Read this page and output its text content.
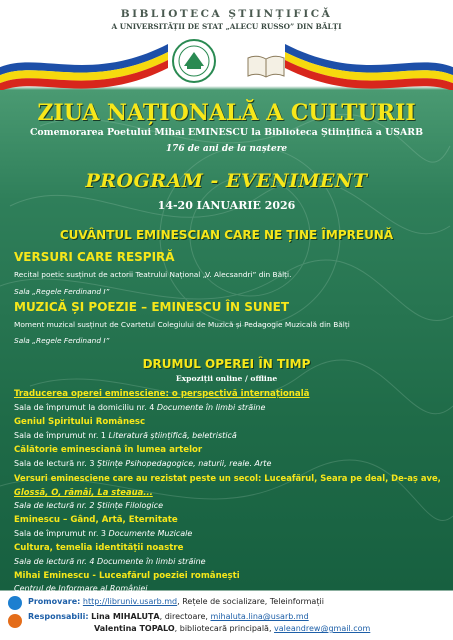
BIBLIOTECA ȘTIINȚIFICĂ
A UNIVERSITĂȚII DE STAT „ALECU RUSSO” DIN BĂLȚI
ZIUA NAȚIONALĂ A CULTURII
Comemorarea Poetului Mihai EMINESCU la Biblioteca Științifică a USARB
176 de ani de la naștere
PROGRAM - EVENIMENT
14-20 IANUARIE 2026
CUVÂNTUL EMINESCIAN CARE NE ȚINE ÎMPREUNĂ
VERSURI CARE RESPIRĂ
Recital poetic susținut de actorii Teatrului Național „V. Alecsandri” din Bălți.
Sala „Regele Ferdinand I”
MUZICĂ ȘI POEZIE – EMINESCU ÎN SUNET
Moment muzical susținut de Cvartetul Colegiului de Muzică și Pedagogie Muzicală din Bălți
Sala „Regele Ferdinand I”
DRUMUL OPEREI ÎN TIMP
Expoziții online / offline
Traducerea operei eminesciene: o perspectivă internațională
Sala de împrumut la domiciliu nr. 4 Documente în limbi străine
Geniul Spiritului Românesc
Sala de împrumut nr. 1 Literatură științifică, beletristică
Călătorie eminesciană în lumea artelor
Sala de lectură nr. 3 Științe Psihopedagogice, naturii, reale. Arte
Versuri eminesciene care au rezistat peste un secol: Luceafărul, Seara pe deal, De-aș ave,
Glossă, O, rămâi, La steaua...
Sala de lectură nr. 2 Științe Filologice
Eminescu – Gând, Artă, Eternitate
Sala de împrumut nr. 3 Documente Muzicale
Cultura, temelia identității noastre
Sala de lectură nr. 4 Documente în limbi străine
Mihai Eminescu - Luceafărul poeziei românești
Centrul de Informare al României
Promovare: http://libruniv.usarb.md, Rețele de socializare, Teleinformații
Responsabili: Lina MIHALUȚA, directoare, mihaluta.lina@usarb.md
Valentina TOPALO, bibliotecară principală, valeandrew@gmail.com
